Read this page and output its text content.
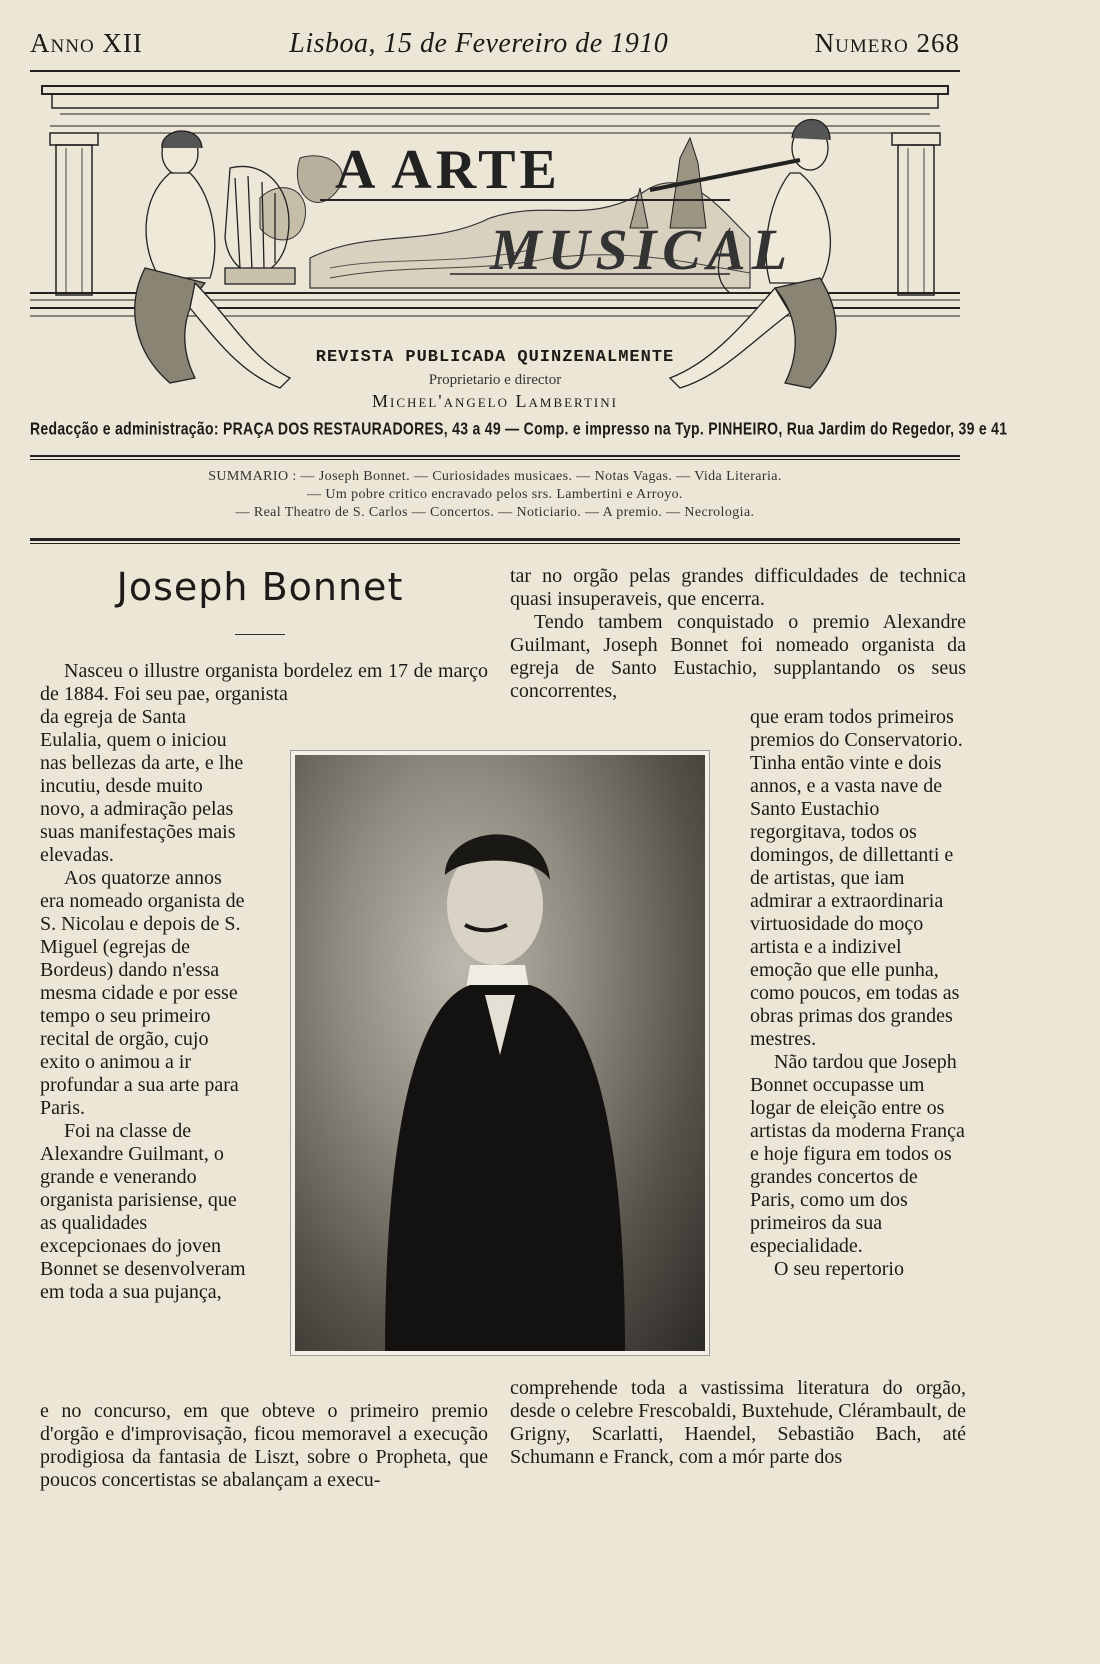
Anno XII	Lisboa, 15 de Fevereiro de 1910	Numero 268
A ARTE
MUSICAL
REVISTA PUBLICADA QUINZENALMENTE
Proprietario e director
Michel'angelo Lambertini
Redacção e administração: PRAÇA DOS RESTAURADORES, 43 a 49 — Comp. e impresso na Typ. PINHEIRO, Rua Jardim do Regedor, 39 e 41
SUMMARIO : — Joseph Bonnet. — Curiosidades musicaes. — Notas Vagas. — Vida Literaria.
— Um pobre critico encravado pelos srs. Lambertini e Arroyo.
— Real Theatro de S. Carlos — Concertos. — Noticiario. — A premio. — Necrologia.
Joseph Bonnet

Nasceu o illustre organista bordelez em 17 de março de 1884. Foi seu pae, organista

da egreja de Santa Eulalia, quem o iniciou nas bellezas da arte, e lhe incutiu, desde muito novo, a admiração pelas suas manifestações mais elevadas.

Aos quatorze annos era nomeado organista de S. Nicolau e depois de S. Miguel (egrejas de Bordeus) dando n'essa mesma cidade e por esse tempo o seu primeiro recital de orgão, cujo exito o animou a ir profundar a sua arte para Paris.

Foi na classe de Alexandre Guilmant, o grande e venerando organista parisiense, que as qualidades excepcionaes do joven Bonnet se desenvolveram em toda a sua pujança,

e no concurso, em que obteve o primeiro premio d'orgão e d'improvisação, ficou memoravel a execução prodigiosa da fantasia de Liszt, sobre o Propheta, que poucos concertistas se abalançam a execu-

tar no orgão pelas grandes difficuldades de technica quasi insuperaveis, que encerra.

Tendo tambem conquistado o premio Alexandre Guilmant, Joseph Bonnet foi nomeado organista da egreja de Santo Eustachio, supplantando os seus concorrentes,

que eram todos primeiros premios do Conservatorio. Tinha então vinte e dois annos, e a vasta nave de Santo Eustachio regorgitava, todos os domingos, de dillettanti e de artistas, que iam admirar a extraordinaria virtuosidade do moço artista e a indizivel emoção que elle punha, como poucos, em todas as obras primas dos grandes mestres.

Não tardou que Joseph Bonnet occupasse um logar de eleição entre os artistas da moderna França e hoje figura em todos os grandes concertos de Paris, como um dos primeiros da sua especialidade.

O seu repertorio

comprehende toda a vastissima literatura do orgão, desde o celebre Frescobaldi, Buxtehude, Clérambault, de Grigny, Scarlatti, Haendel, Sebastião Bach, até Schumann e Franck, com a mór parte dos
